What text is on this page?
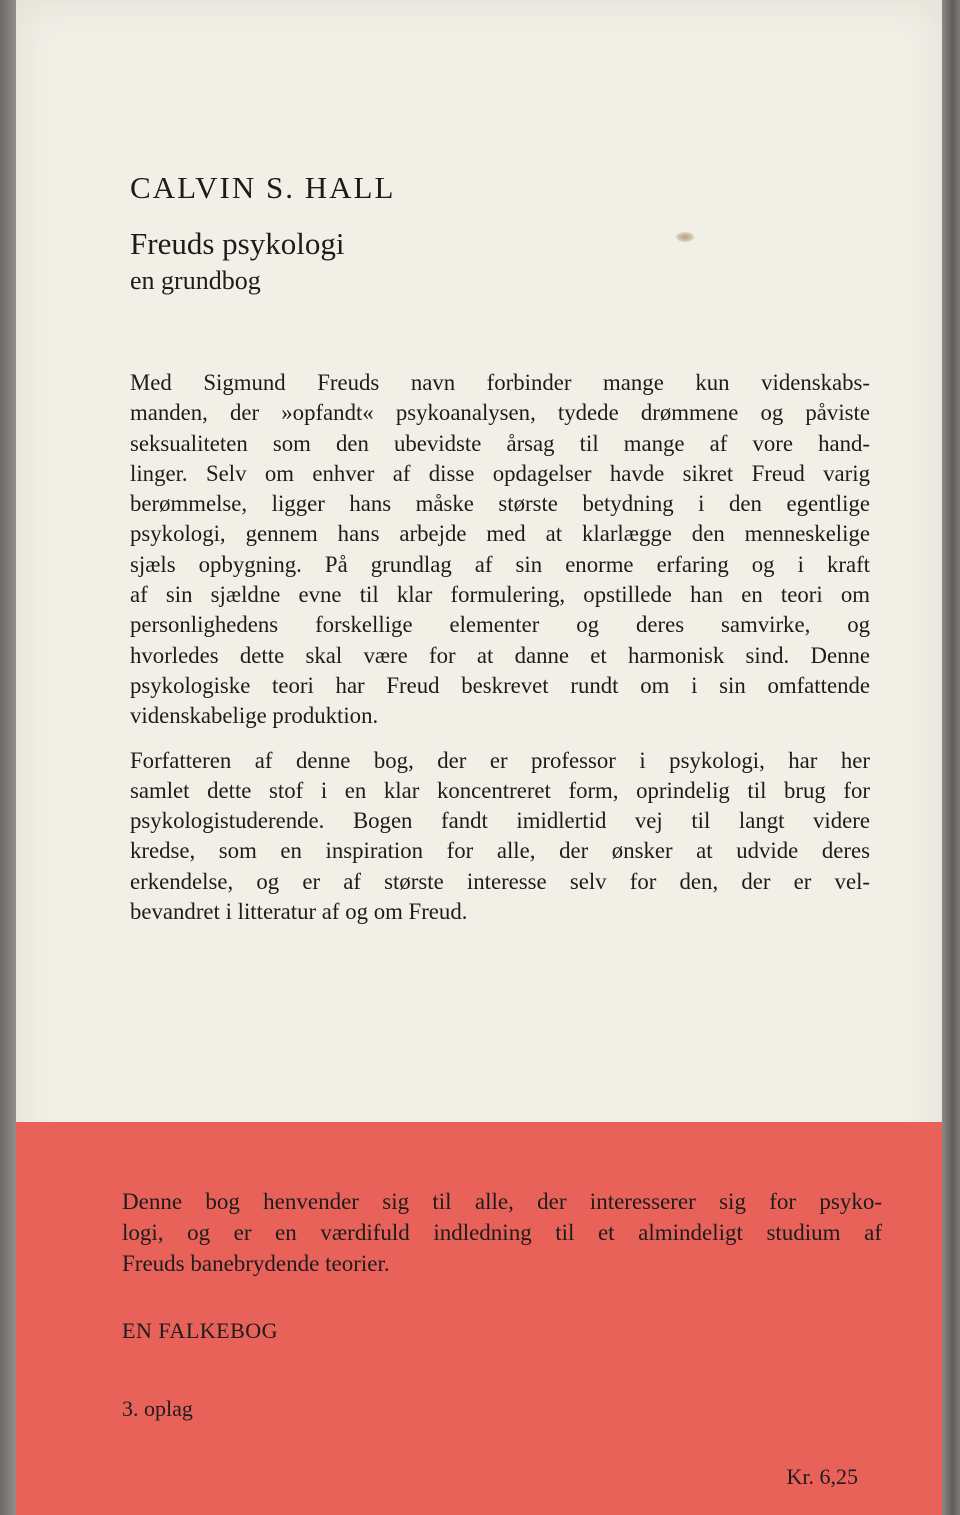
CALVIN S. HALL
Freuds psykologi
en grundbog

Med Sigmund Freuds navn forbinder mange kun videnskabs-
manden, der »opfandt« psykoanalysen, tydede drømmene og påviste
seksualiteten som den ubevidste årsag til mange af vore hand-
linger. Selv om enhver af disse opdagelser havde sikret Freud varig
berømmelse, ligger hans måske største betydning i den egentlige
psykologi, gennem hans arbejde med at klarlægge den menneskelige
sjæls opbygning. På grundlag af sin enorme erfaring og i kraft
af sin sjældne evne til klar formulering, opstillede han en teori om
personlighedens forskellige elementer og deres samvirke, og
hvorledes dette skal være for at danne et harmonisk sind. Denne
psykologiske teori har Freud beskrevet rundt om i sin omfattende
videnskabelige produktion.

Forfatteren af denne bog, der er professor i psykologi, har her
samlet dette stof i en klar koncentreret form, oprindelig til brug for
psykologistuderende. Bogen fandt imidlertid vej til langt videre
kredse, som en inspiration for alle, der ønsker at udvide deres
erkendelse, og er af største interesse selv for den, der er vel-
bevandret i litteratur af og om Freud.

Denne bog henvender sig til alle, der interesserer sig for psyko-
logi, og er en værdifuld indledning til et almindeligt studium af
Freuds banebrydende teorier.

EN FALKEBOG
3. oplag
Kr. 6,25
